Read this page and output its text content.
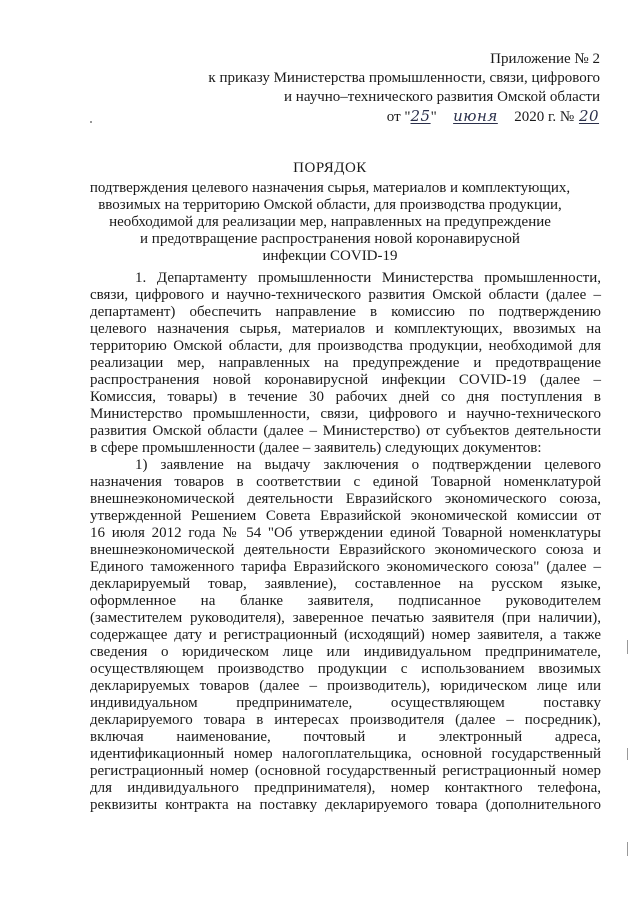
Приложение № 2
к приказу Министерства промышленности, связи, цифрового
и научно–технического развития Омской области
от "25" июня 2020 г. № 20
ПОРЯДОК
подтверждения целевого назначения сырья, материалов и комплектующих,
ввозимых на территорию Омской области, для производства продукции,
необходимой для реализации мер, направленных на предупреждение
и предотвращение распространения новой коронавирусной
инфекции COVID-19
1. Департаменту промышленности Министерства промышленности,
связи, цифрового и научно-технического развития Омской области (далее –
департамент) обеспечить направление в комиссию по подтверждению
целевого назначения сырья, материалов и комплектующих, ввозимых на
территорию Омской области, для производства продукции, необходимой для
реализации мер, направленных на предупреждение и предотвращение
распространения новой коронавирусной инфекции COVID-19 (далее –
Комиссия, товары) в течение 30 рабочих дней со дня поступления в
Министерство промышленности, связи, цифрового и научно-технического
развития Омской области (далее – Министерство) от субъектов деятельности
в сфере промышленности (далее – заявитель) следующих документов:
1) заявление на выдачу заключения о подтверждении целевого
назначения товаров в соответствии с единой Товарной номенклатурой
внешнеэкономической деятельности Евразийского экономического союза,
утвержденной Решением Совета Евразийской экономической комиссии от
16 июля 2012 года № 54 "Об утверждении единой Товарной номенклатуры
внешнеэкономической деятельности Евразийского экономического союза и
Единого таможенного тарифа Евразийского экономического союза" (далее –
декларируемый товар, заявление), составленное на русском языке,
оформленное на бланке заявителя, подписанное руководителем
(заместителем руководителя), заверенное печатью заявителя (при наличии),
содержащее дату и регистрационный (исходящий) номер заявителя, а также
сведения о юридическом лице или индивидуальном предпринимателе,
осуществляющем производство продукции с использованием ввозимых
декларируемых товаров (далее – производитель), юридическом лице или
индивидуальном предпринимателе, осуществляющем поставку
декларируемого товара в интересах производителя (далее – посредник),
включая наименование, почтовый и электронный адреса,
идентификационный номер налогоплательщика, основной государственный
регистрационный номер (основной государственный регистрационный номер
для индивидуального предпринимателя), номер контактного телефона,
реквизиты контракта на поставку декларируемого товара (дополнительного
